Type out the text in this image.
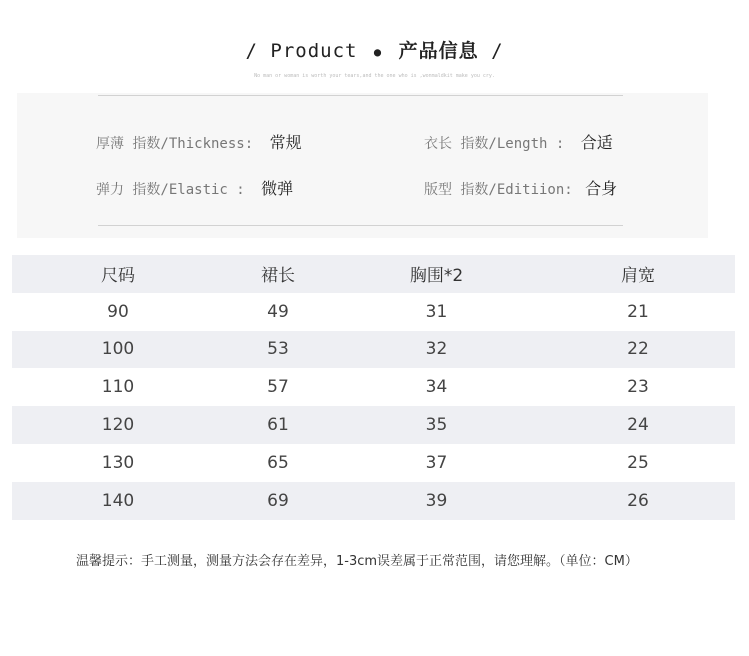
/ Product ● 产品信息 /
No man or woman is worth your tears,and the one who is ,wonmaldkit make you cry.
厚薄 指数/Thickness: 常规	衣长 指数/Length : 合适
弹力 指数/Elastic : 微弹	版型 指数/Editiion: 合身
尺码	裙长	胸围*2	肩宽
90	49	31	21
100	53	32	22
110	57	34	23
120	61	35	24
130	65	37	25
140	69	39	26
温馨提示：手工测量，测量方法会存在差异，1-3cm误差属于正常范围，请您理解。（单位：CM）
